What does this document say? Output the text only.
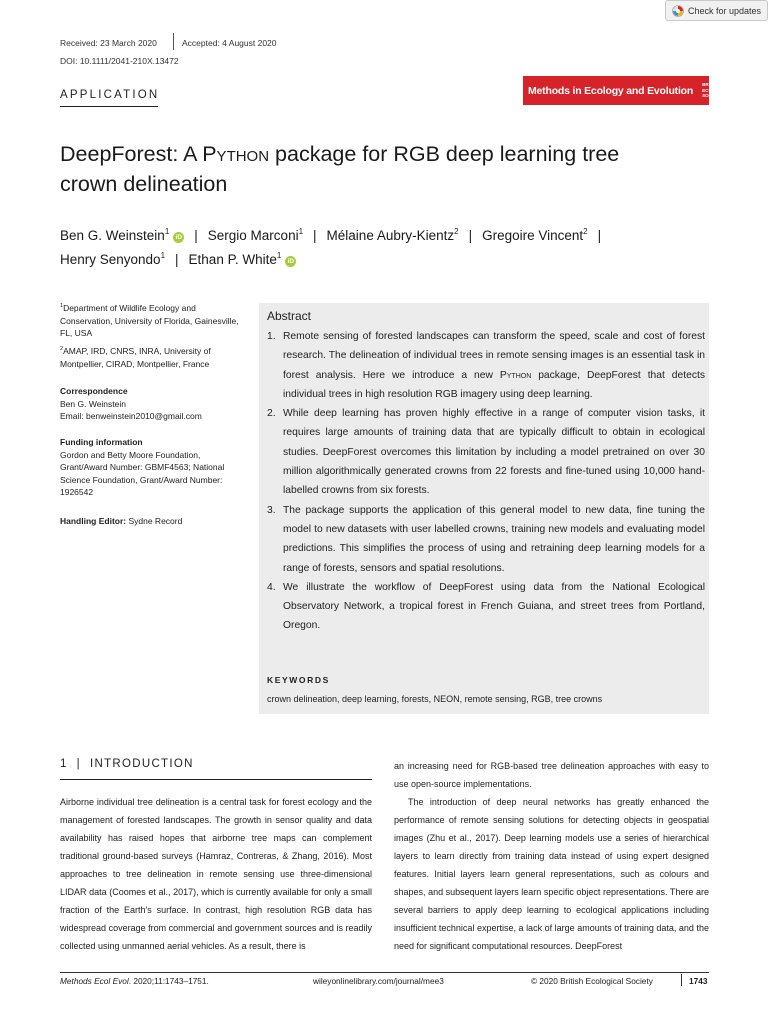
Check for updates
Received: 23 March 2020	Accepted: 4 August 2020
DOI: 10.1111/2041-210X.13472
APPLICATION	Methods in Ecology and Evolution BRITISH
ECOLOGICAL
SOCIETY
DeepForest: A Python package for RGB deep learning tree
crown delineation
Ben G. Weinstein$^1$iD | Sergio Marconi$^1$ | Mélaine Aubry-Kientz$^2$ | Gregoire Vincent$^2$ |
Henry Senyondo$^1$ | Ethan P. White$^1$iD
$^1$Department of Wildlife Ecology and Conservation, University of Florida, Gainesville, FL, USA
$^2$AMAP, IRD, CNRS, INRA, University of Montpellier, CIRAD, Montpellier, France
Correspondence
Ben G. Weinstein
Email: benweinstein2010@gmail.com
Funding information
Gordon and Betty Moore Foundation, Grant/Award Number: GBMF4563; National Science Foundation, Grant/Award Number: 1926542
Handling Editor: Sydne Record
Abstract
1. Remote sensing of forested landscapes can transform the speed, scale and cost of forest research. The delineation of individual trees in remote sensing images is an essential task in forest analysis. Here we introduce a new Python package, DeepForest that detects individual trees in high resolution RGB imagery using deep learning.
2. While deep learning has proven highly effective in a range of computer vision tasks, it requires large amounts of training data that are typically difficult to obtain in ecological studies. DeepForest overcomes this limitation by including a model pretrained on over 30 million algorithmically generated crowns from 22 forests and fine-tuned using 10,000 hand-labelled crowns from six forests.
3. The package supports the application of this general model to new data, fine tuning the model to new datasets with user labelled crowns, training new models and evaluating model predictions. This simplifies the process of using and retraining deep learning models for a range of forests, sensors and spatial resolutions.
4. We illustrate the workflow of DeepForest using data from the National Ecological Observatory Network, a tropical forest in French Guiana, and street trees from Portland, Oregon.
KEYWORDS
crown delineation, deep learning, forests, NEON, remote sensing, RGB, tree crowns
1  |  INTRODUCTION

Airborne individual tree delineation is a central task for forest ecology and the management of forested landscapes. The growth in sensor quality and data availability has raised hopes that airborne tree maps can complement traditional ground-based surveys (Hamraz, Contreras, & Zhang, 2016). Most approaches to tree delineation in remote sensing use three-dimensional LIDAR data (Coomes et al., 2017), which is currently available for only a small fraction of the Earth's surface. In contrast, high resolution RGB data has widespread coverage from commercial and government sources and is readily collected using unmanned aerial vehicles. As a result, there is

an increasing need for RGB-based tree delineation approaches with easy to use open-source implementations.

The introduction of deep neural networks has greatly enhanced the performance of remote sensing solutions for detecting objects in geospatial images (Zhu et al., 2017). Deep learning models use a series of hierarchical layers to learn directly from training data instead of using expert designed features. Initial layers learn general representations, such as colours and shapes, and subsequent layers learn specific object representations. There are several barriers to apply deep learning to ecological applications including insufficient technical expertise, a lack of large amounts of training data, and the need for significant computational resources. DeepForest

Methods Ecol Evol. 2020;11:1743–1751.	wileyonlinelibrary.com/journal/mee3	© 2020 British Ecological Society	1743
